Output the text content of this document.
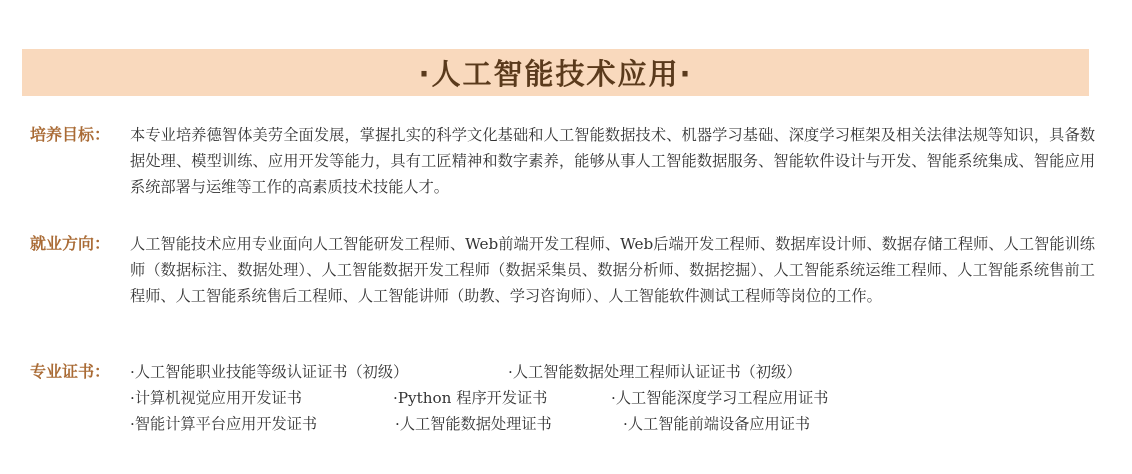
·人工智能技术应用·
培养目标：	本专业培养德智体美劳全面发展，掌握扎实的科学文化基础和人工智能数据技术、机器学习基础、深度学习框架及相关法律法规等知识，具备数据处理、模型训练、应用开发等能力，具有工匠精神和数字素养，能够从事人工智能数据服务、智能软件设计与开发、智能系统集成、智能应用系统部署与运维等工作的高素质技术技能人才。

就业方向：	人工智能技术应用专业面向人工智能研发工程师、Web前端开发工程师、Web后端开发工程师、数据库设计师、数据存储工程师、人工智能训练师（数据标注、数据处理）、人工智能数据开发工程师（数据采集员、数据分析师、数据挖掘）、人工智能系统运维工程师、人工智能系统售前工程师、人工智能系统售后工程师、人工智能讲师（助教、学习咨询师）、人工智能软件测试工程师等岗位的工作。

专业证书：	·人工智能职业技能等级认证证书（初级）	·人工智能数据处理工程师认证证书（初级）
·计算机视觉应用开发证书	·Python 程序开发证书	·人工智能深度学习工程应用证书
·智能计算平台应用开发证书	·人工智能数据处理证书	·人工智能前端设备应用证书
